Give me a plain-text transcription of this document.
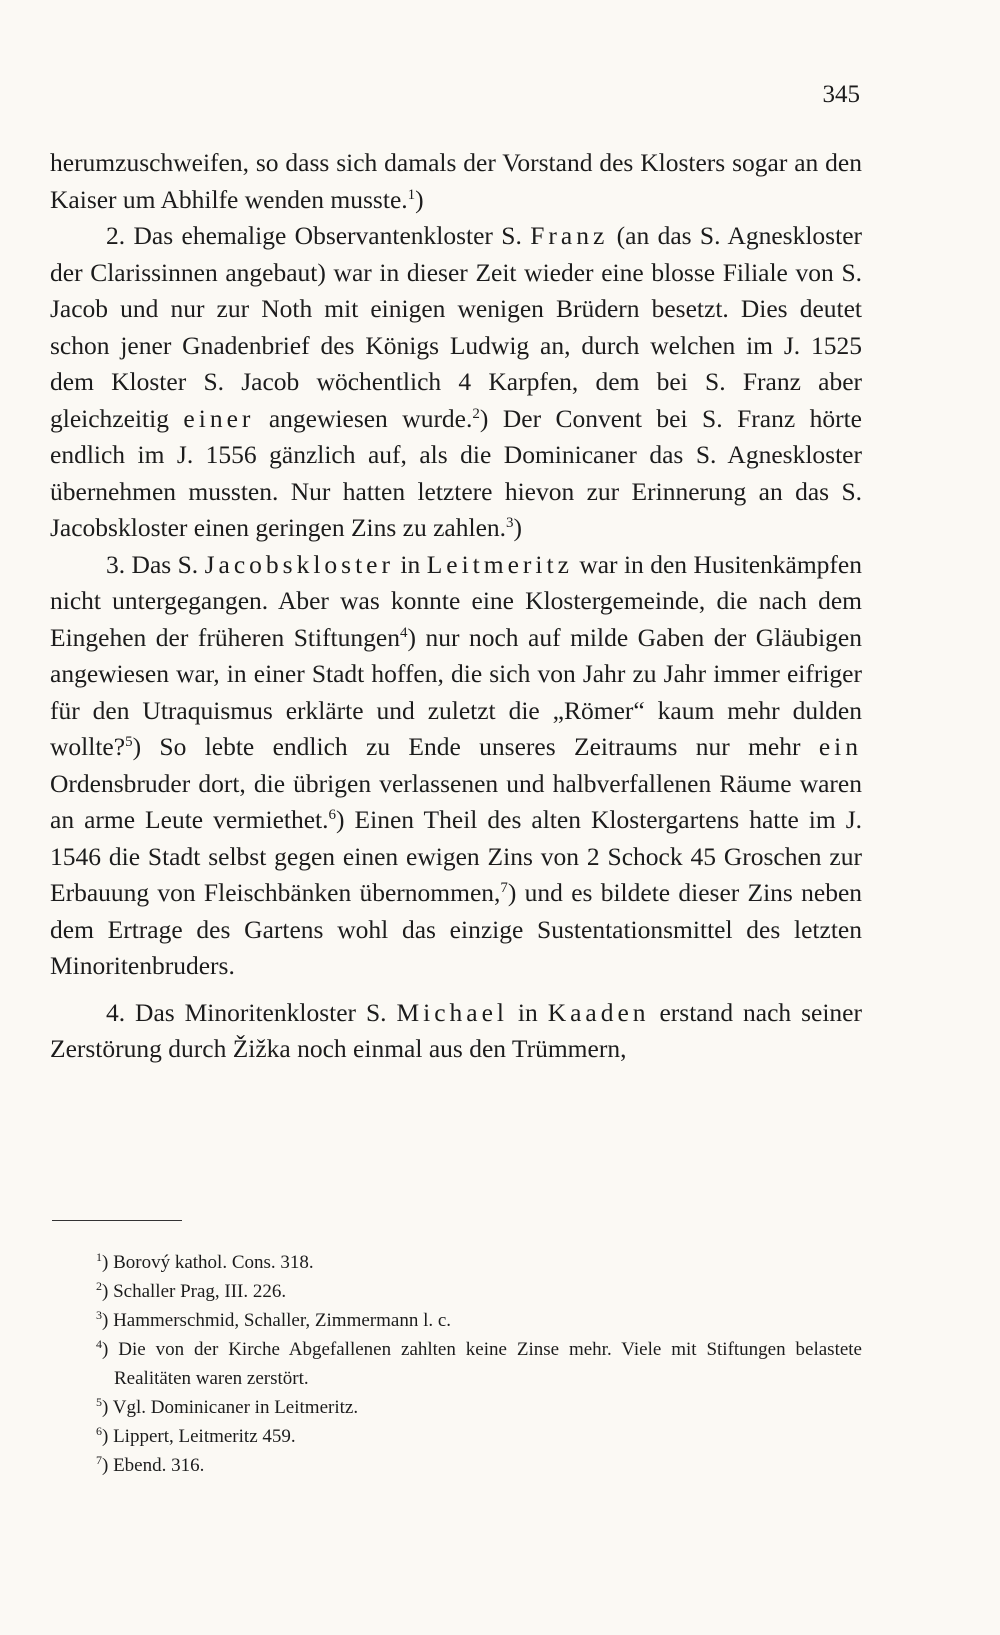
345

herumzuschweifen, so dass sich damals der Vorstand des Klosters sogar an den Kaiser um Abhilfe wenden musste.$^1$)

2. Das ehemalige Observantenkloster S. Franz (an das S. Agneskloster der Clarissinnen angebaut) war in dieser Zeit wieder eine blosse Filiale von S. Jacob und nur zur Noth mit einigen wenigen Brüdern besetzt. Dies deutet schon jener Gnadenbrief des Königs Ludwig an, durch welchen im J. 1525 dem Kloster S. Jacob wöchentlich 4 Karpfen, dem bei S. Franz aber gleichzeitig einer angewiesen wurde.$^2$) Der Convent bei S. Franz hörte endlich im J. 1556 gänzlich auf, als die Dominicaner das S. Agneskloster übernehmen mussten. Nur hatten letztere hievon zur Erinnerung an das S. Jacobskloster einen geringen Zins zu zahlen.$^3$)

3. Das S. Jacobskloster in Leitmeritz war in den Husitenkämpfen nicht untergegangen. Aber was konnte eine Klostergemeinde, die nach dem Eingehen der früheren Stiftungen$^4$) nur noch auf milde Gaben der Gläubigen angewiesen war, in einer Stadt hoffen, die sich von Jahr zu Jahr immer eifriger für den Utraquismus erklärte und zuletzt die „Römer“ kaum mehr dulden wollte?$^5$) So lebte endlich zu Ende unseres Zeitraums nur mehr ein Ordensbruder dort, die übrigen verlassenen und halbverfallenen Räume waren an arme Leute vermiethet.$^6$) Einen Theil des alten Klostergartens hatte im J. 1546 die Stadt selbst gegen einen ewigen Zins von 2 Schock 45 Groschen zur Erbauung von Fleischbänken übernommen,$^7$) und es bildete dieser Zins neben dem Ertrage des Gartens wohl das einzige Sustentationsmittel des letzten Minoritenbruders.

4. Das Minoritenkloster S. Michael in Kaaden erstand nach seiner Zerstörung durch Žižka noch einmal aus den Trümmern,

$^1$) Borový kathol. Cons. 318.

$^2$) Schaller Prag, III. 226.

$^3$) Hammerschmid, Schaller, Zimmermann l. c.

$^4$) Die von der Kirche Abgefallenen zahlten keine Zinse mehr. Viele mit Stiftungen belastete Realitäten waren zerstört.

$^5$) Vgl. Dominicaner in Leitmeritz.

$^6$) Lippert, Leitmeritz 459.

$^7$) Ebend. 316.
